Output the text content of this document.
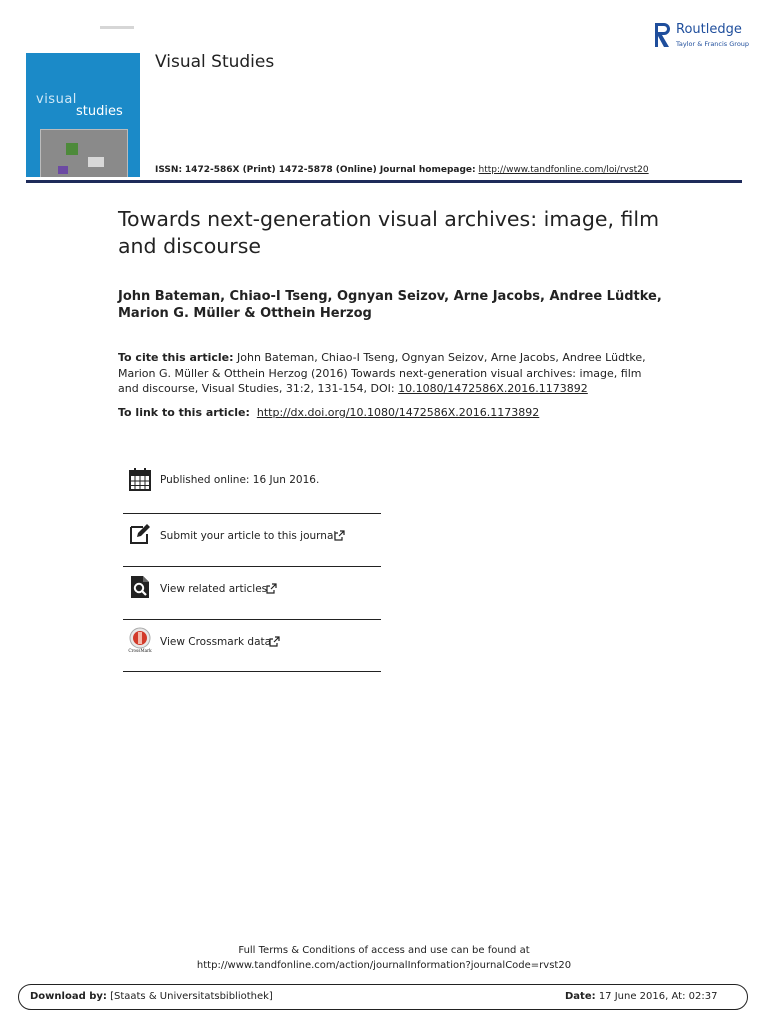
visual
studies
Visual Studies
Routledge
Taylor & Francis Group
ISSN: 1472-586X (Print) 1472-5878 (Online) Journal homepage: http://www.tandfonline.com/loi/rvst20
Towards next-generation visual archives: image, film and discourse
John Bateman, Chiao-I Tseng, Ognyan Seizov, Arne Jacobs, Andree Lüdtke, Marion G. Müller & Otthein Herzog
To cite this article: John Bateman, Chiao-I Tseng, Ognyan Seizov, Arne Jacobs, Andree Lüdtke, Marion G. Müller & Otthein Herzog (2016) Towards next-generation visual archives: image, film and discourse, Visual Studies, 31:2, 131-154, DOI: 10.1080/1472586X.2016.1173892
To link to this article: http://dx.doi.org/10.1080/1472586X.2016.1173892
Published online: 16 Jun 2016.
Submit your article to this journal
View related articles
CrossMark
View Crossmark data
Full Terms & Conditions of access and use can be found at
http://www.tandfonline.com/action/journalInformation?journalCode=rvst20
Download by: [Staats & Universitatsbibliothek]	Date: 17 June 2016, At: 02:37
